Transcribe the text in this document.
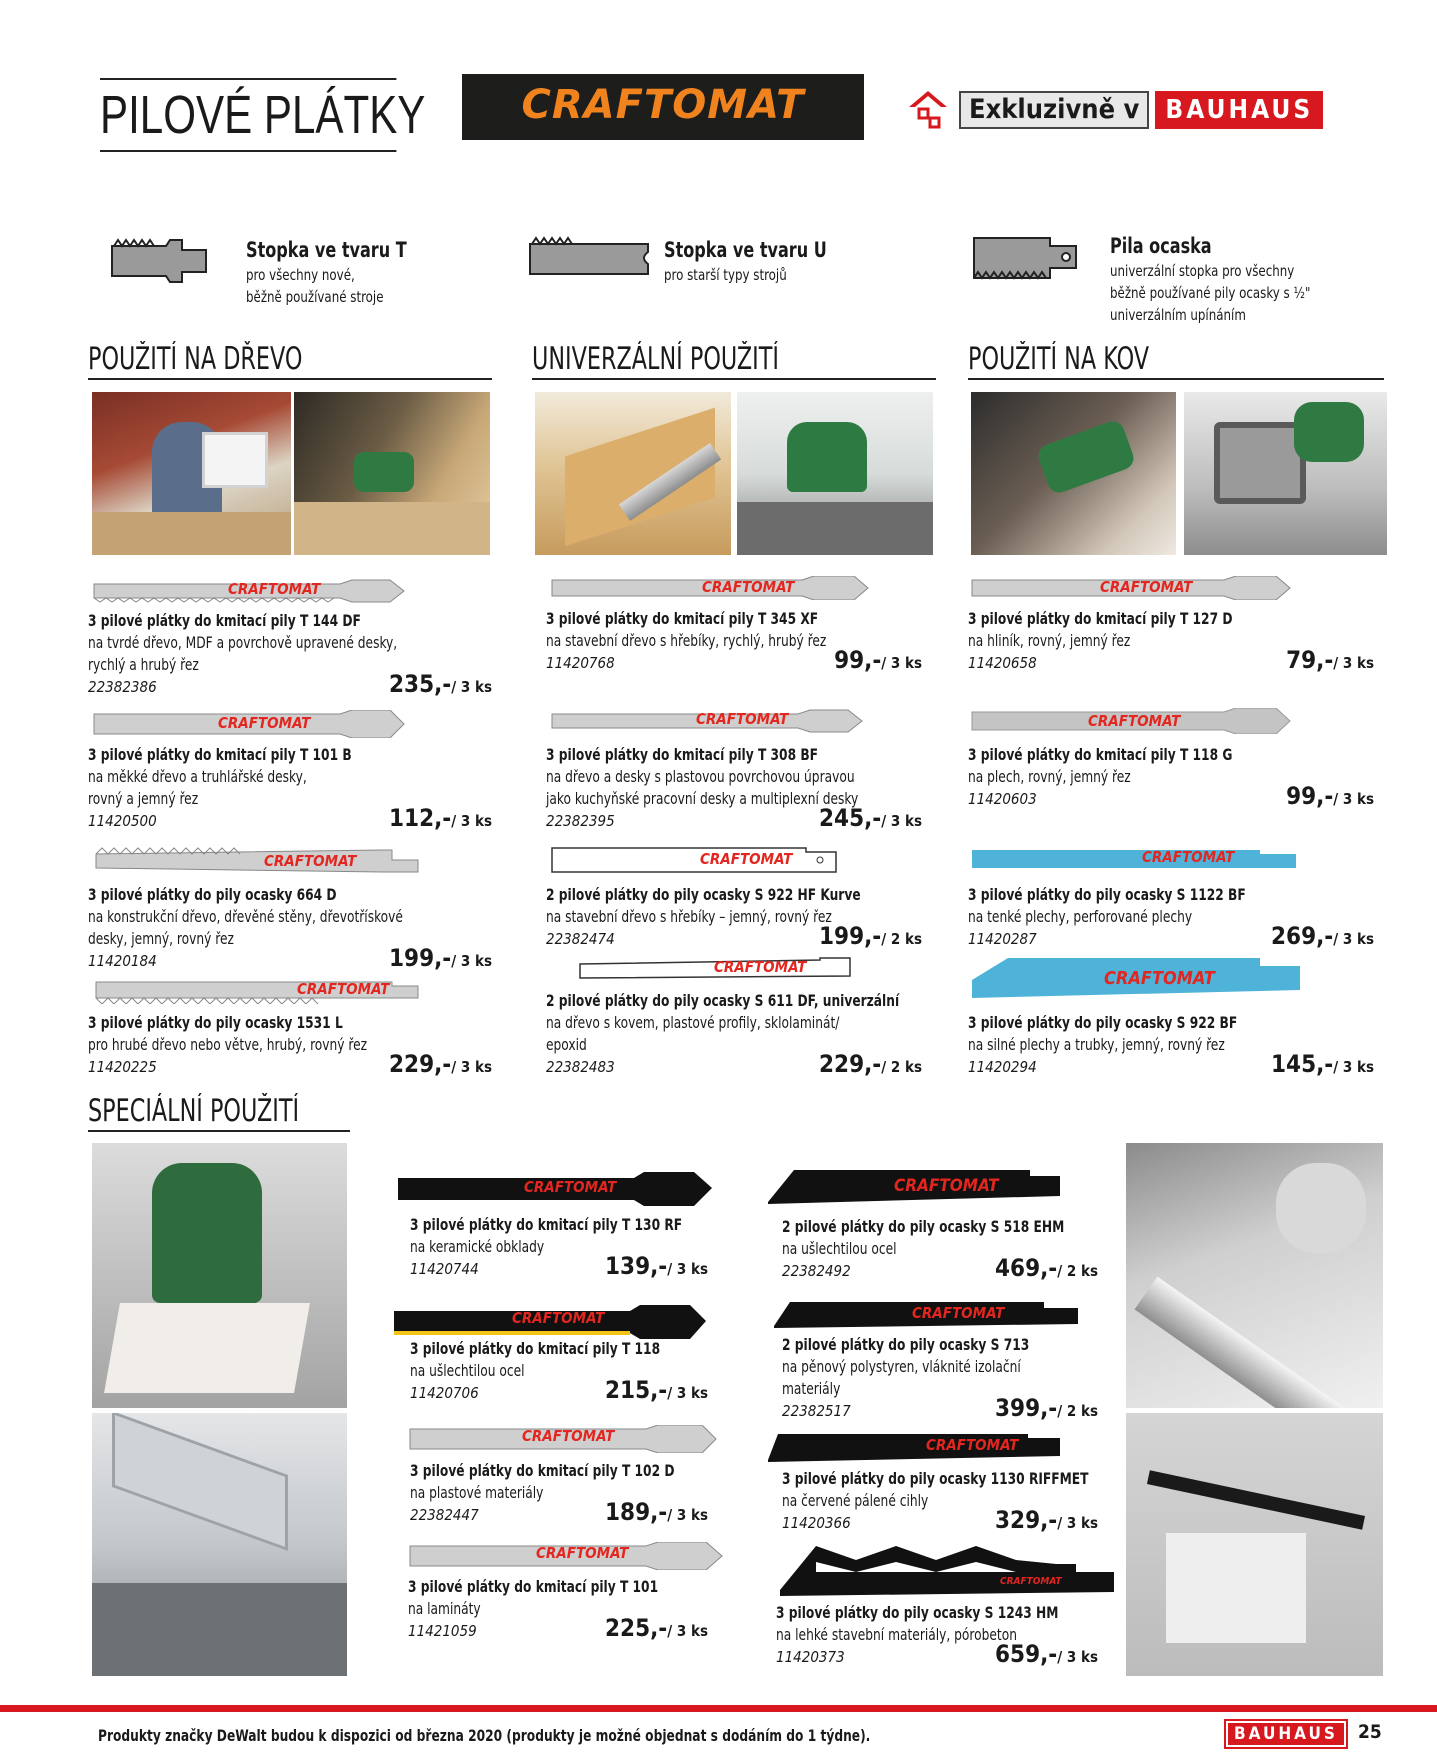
PILOVÉ PLÁTKY	CRAFTOMAT	Exkluzivně v	BAUHAUS
Stopka ve tvaru T
pro všechny nové,
běžně používané stroje
Stopka ve tvaru U
pro starší typy strojů
Pila ocaska
univerzální stopka pro všechny
běžně používané pily ocasky s ½"
univerzálním upínáním
POUŽITÍ NA DŘEVO	UNIVERZÁLNÍ POUŽITÍ	POUŽITÍ NA KOV
SPECIÁLNÍ POUŽITÍ
CRAFTOMAT
CRAFTOMAT
CRAFTOMAT
CRAFTOMAT
CRAFTOMAT
CRAFTOMAT
CRAFTOMAT
CRAFTOMAT
CRAFTOMAT
CRAFTOMAT
CRAFTOMAT
CRAFTOMAT
CRAFTOMAT
CRAFTOMAT
CRAFTOMAT
CRAFTOMAT
CRAFTOMAT
CRAFTOMAT
CRAFTOMAT
CRAFTOMAT
3 pilové plátky do kmitací pily T 144 DF
na tvrdé dřevo, MDF a povrchově upravené desky,
rychlý a hrubý řez
22382386	235,-/ 3 ks
3 pilové plátky do kmitací pily T 101 B
na měkké dřevo a truhlářské desky,
rovný a jemný řez
11420500	112,-/ 3 ks
3 pilové plátky do pily ocasky 664 D
na konstrukční dřevo, dřevěné stěny, dřevotřískové
desky, jemný, rovný řez
11420184	199,-/ 3 ks
3 pilové plátky do pily ocasky 1531 L
pro hrubé dřevo nebo větve, hrubý, rovný řez
11420225	229,-/ 3 ks
3 pilové plátky do kmitací pily T 345 XF
na stavební dřevo s hřebíky, rychlý, hrubý řez
11420768	99,-/ 3 ks
3 pilové plátky do kmitací pily T 308 BF
na dřevo a desky s plastovou povrchovou úpravou
jako kuchyňské pracovní desky a multiplexní desky
22382395	245,-/ 3 ks
2 pilové plátky do pily ocasky S 922 HF Kurve
na stavební dřevo s hřebíky – jemný, rovný řez
22382474	199,-/ 2 ks
2 pilové plátky do pily ocasky S 611 DF, univerzální
na dřevo s kovem, plastové profily, sklolaminát/
epoxid
22382483	229,-/ 2 ks
3 pilové plátky do kmitací pily T 127 D
na hliník, rovný, jemný řez
11420658	79,-/ 3 ks
3 pilové plátky do kmitací pily T 118 G
na plech, rovný, jemný řez
11420603	99,-/ 3 ks
3 pilové plátky do pily ocasky S 1122 BF
na tenké plechy, perforované plechy
11420287	269,-/ 3 ks
3 pilové plátky do pily ocasky S 922 BF
na silné plechy a trubky, jemný, rovný řez
11420294	145,-/ 3 ks
3 pilové plátky do kmitací pily T 130 RF
na keramické obklady
11420744	139,-/ 3 ks
3 pilové plátky do kmitací pily T 118
na ušlechtilou ocel
11420706	215,-/ 3 ks
3 pilové plátky do kmitací pily T 102 D
na plastové materiály
22382447	189,-/ 3 ks
3 pilové plátky do kmitací pily T 101
na lamináty
11421059	225,-/ 3 ks
2 pilové plátky do pily ocasky S 518 EHM
na ušlechtilou ocel
22382492	469,-/ 2 ks
2 pilové plátky do pily ocasky S 713
na pěnový polystyren, vláknité izolační
materiály
22382517	399,-/ 2 ks
3 pilové plátky do pily ocasky 1130 RIFFMET
na červené pálené cihly
11420366	329,-/ 3 ks
3 pilové plátky do pily ocasky S 1243 HM
na lehké stavební materiály, pórobeton
11420373	659,-/ 3 ks
Produkty značky DeWalt budou k dispozici od března 2020 (produkty je možné objednat s dodáním do 1 týdne).	BAUHAUS	25
